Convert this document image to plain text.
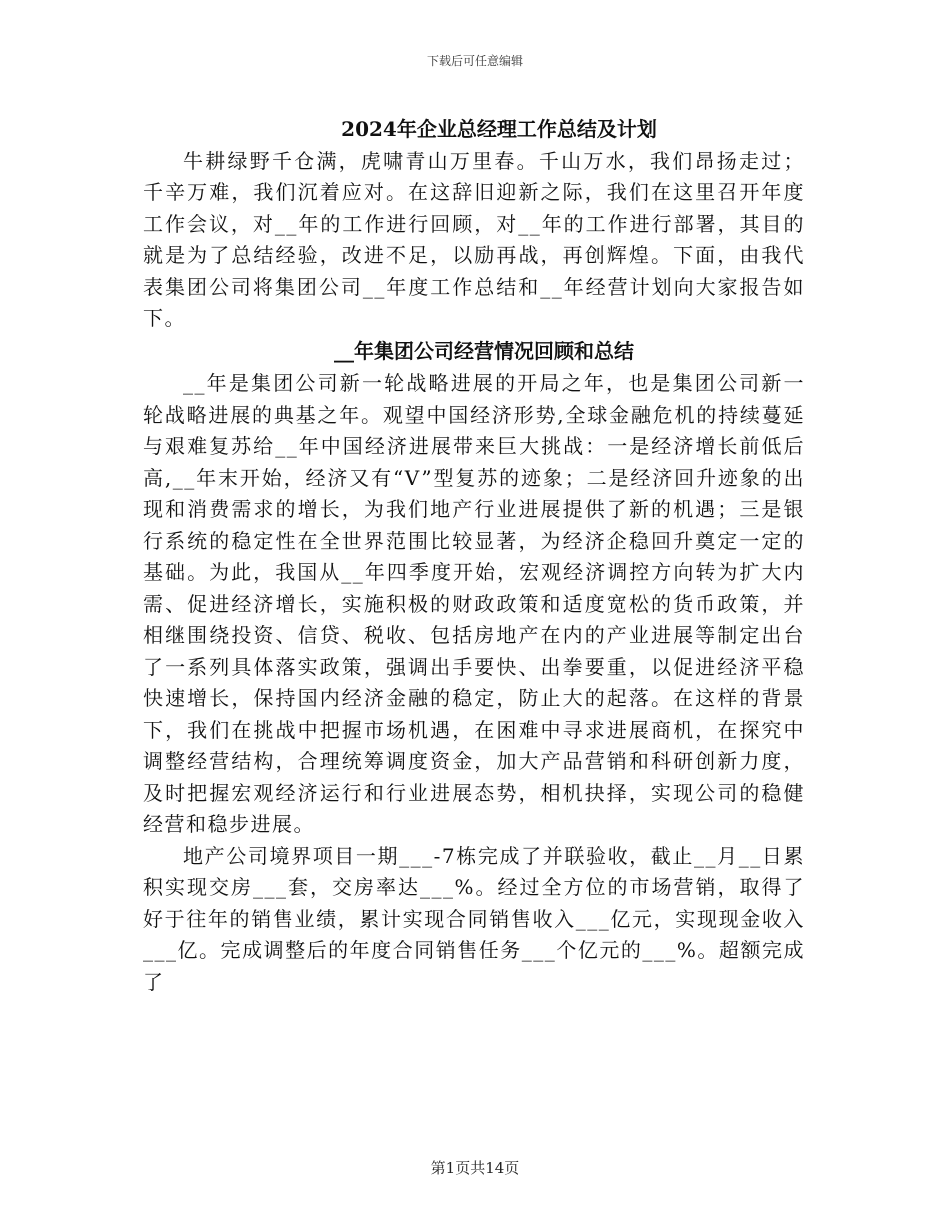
下载后可任意编辑
2024年企业总经理工作总结及计划

牛耕绿野千仓满，虎啸青山万里春。千山万水，我们昂扬走过；千辛万难，我们沉着应对。在这辞旧迎新之际，我们在这里召开年度工作会议，对__年的工作进行回顾，对__年的工作进行部署，其目的就是为了总结经验，改进不足，以励再战，再创辉煌。下面，由我代表集团公司将集团公司__年度工作总结和__年经营计划向大家报告如下。

__年集团公司经营情况回顾和总结

__年是集团公司新一轮战略进展的开局之年，也是集团公司新一轮战略进展的典基之年。观望中国经济形势,全球金融危机的持续蔓延与艰难复苏给__年中国经济进展带来巨大挑战：一是经济增长前低后高,__年末开始，经济又有“V”型复苏的迹象；二是经济回升迹象的出现和消费需求的增长，为我们地产行业进展提供了新的机遇；三是银行系统的稳定性在全世界范围比较显著，为经济企稳回升奠定一定的基础。为此，我国从__年四季度开始，宏观经济调控方向转为扩大内需、促进经济增长，实施积极的财政政策和适度宽松的货币政策，并相继围绕投资、信贷、税收、包括房地产在内的产业进展等制定出台了一系列具体落实政策，强调出手要快、出拳要重，以促进经济平稳快速增长，保持国内经济金融的稳定，防止大的起落。在这样的背景下，我们在挑战中把握市场机遇，在困难中寻求进展商机，在探究中调整经营结构，合理统筹调度资金，加大产品营销和科研创新力度，及时把握宏观经济运行和行业进展态势，相机抉择，实现公司的稳健经营和稳步进展。

地产公司境界项目一期___-7栋完成了并联验收，截止__月__日累积实现交房___套，交房率达___%。经过全方位的市场营销，取得了好于往年的销售业绩，累计实现合同销售收入___亿元，实现现金收入___亿。完成调整后的年度合同销售任务___个亿元的___%。超额完成了

第1页共14页
